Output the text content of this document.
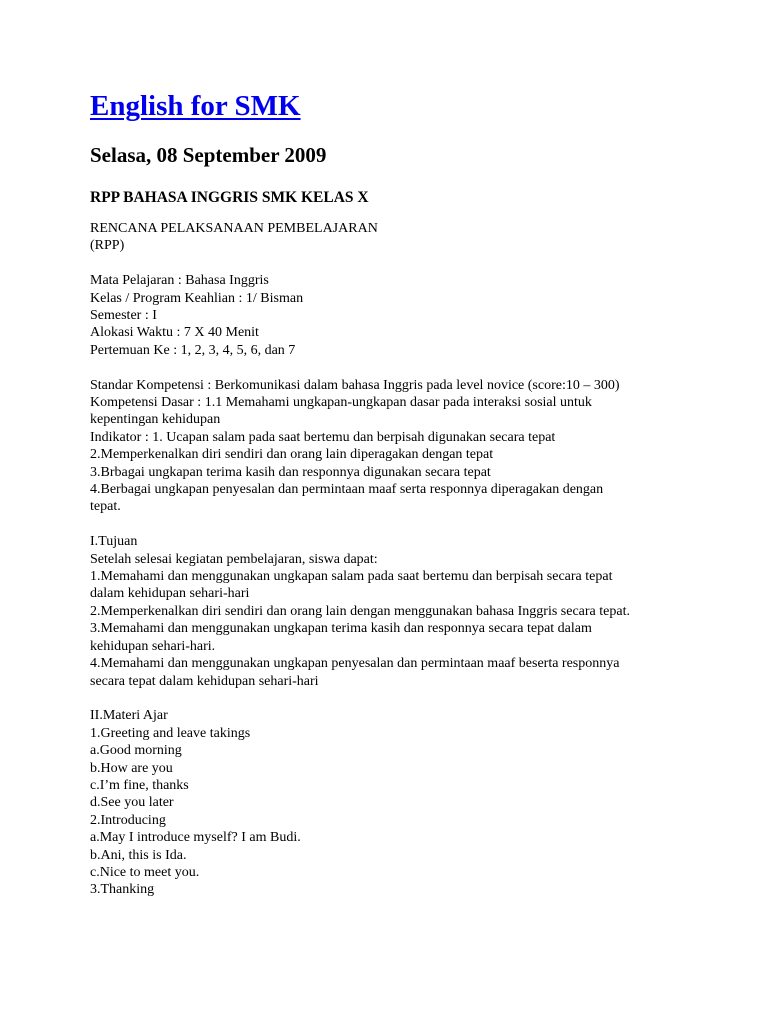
English for SMK
Selasa, 08 September 2009
RPP BAHASA INGGRIS SMK KELAS X
RENCANA PELAKSANAAN PEMBELAJARAN
(RPP)
Mata Pelajaran : Bahasa Inggris
Kelas / Program Keahlian : 1/ Bisman
Semester : I
Alokasi Waktu : 7 X 40 Menit
Pertemuan Ke : 1, 2, 3, 4, 5, 6, dan 7
Standar Kompetensi : Berkomunikasi dalam bahasa Inggris pada level novice (score:10 – 300)
Kompetensi Dasar : 1.1 Memahami ungkapan-ungkapan dasar pada interaksi sosial untuk
kepentingan kehidupan
Indikator : 1. Ucapan salam pada saat bertemu dan berpisah digunakan secara tepat
2.Memperkenalkan diri sendiri dan orang lain diperagakan dengan tepat
3.Brbagai ungkapan terima kasih dan responnya digunakan secara tepat
4.Berbagai ungkapan penyesalan dan permintaan maaf serta responnya diperagakan dengan
tepat.
I.Tujuan
Setelah selesai kegiatan pembelajaran, siswa dapat:
1.Memahami dan menggunakan ungkapan salam pada saat bertemu dan berpisah secara tepat
dalam kehidupan sehari-hari
2.Memperkenalkan diri sendiri dan orang lain dengan menggunakan bahasa Inggris secara tepat.
3.Memahami dan menggunakan ungkapan terima kasih dan responnya secara tepat dalam
kehidupan sehari-hari.
4.Memahami dan menggunakan ungkapan penyesalan dan permintaan maaf beserta responnya
secara tepat dalam kehidupan sehari-hari
II.Materi Ajar
1.Greeting and leave takings
a.Good morning
b.How are you
c.I’m fine, thanks
d.See you later
2.Introducing
a.May I introduce myself? I am Budi.
b.Ani, this is Ida.
c.Nice to meet you.
3.Thanking
